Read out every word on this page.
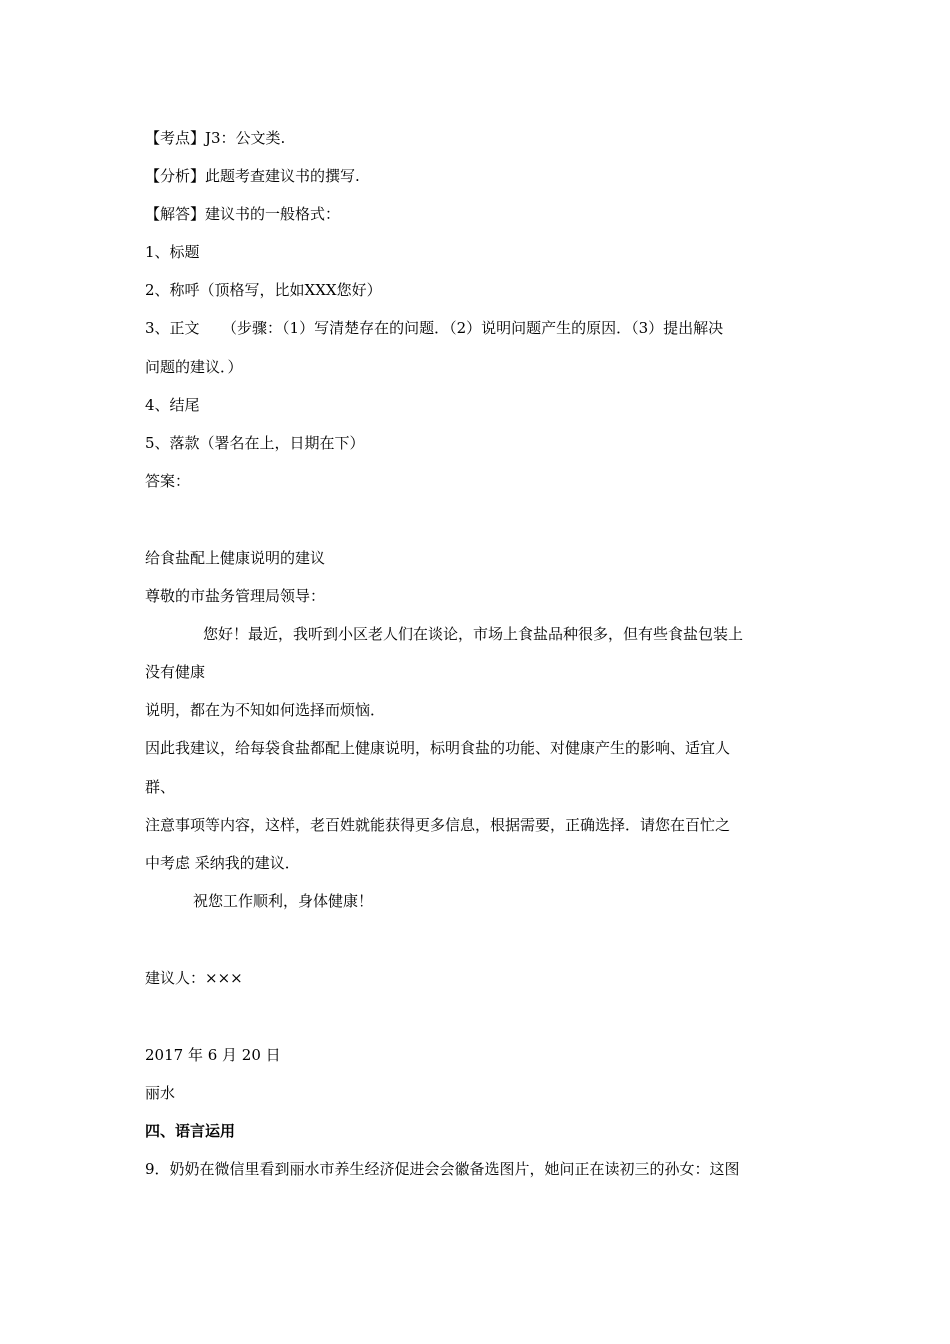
【考点】J3：公文类.
【分析】此题考查建议书的撰写.
【解答】建议书的一般格式：
1、标题
2、称呼（顶格写，比如XXX您好）
3、正文　　（步骤：（1）写清楚存在的问题．（2）说明问题产生的原因．（3）提出解决
问题的建议．）
4、结尾
5、落款（署名在上，日期在下）
答案：
给食盐配上健康说明的建议
尊敬的市盐务管理局领导：
您好！最近，我听到小区老人们在谈论，市场上食盐品种很多，但有些食盐包装上
没有健康
说明，都在为不知如何选择而烦恼．
因此我建议，给每袋食盐都配上健康说明，标明食盐的功能、对健康产生的影响、适宜人
群、
注意事项等内容，这样，老百姓就能获得更多信息，根据需要，正确选择．请您在百忙之
中考虑 采纳我的建议．
祝您工作顺利，身体健康！
建议人：×××
2017 年 6 月 20 日
丽水
四、语言运用
9．奶奶在微信里看到丽水市养生经济促进会会徽备选图片，她问正在读初三的孙女：这图
